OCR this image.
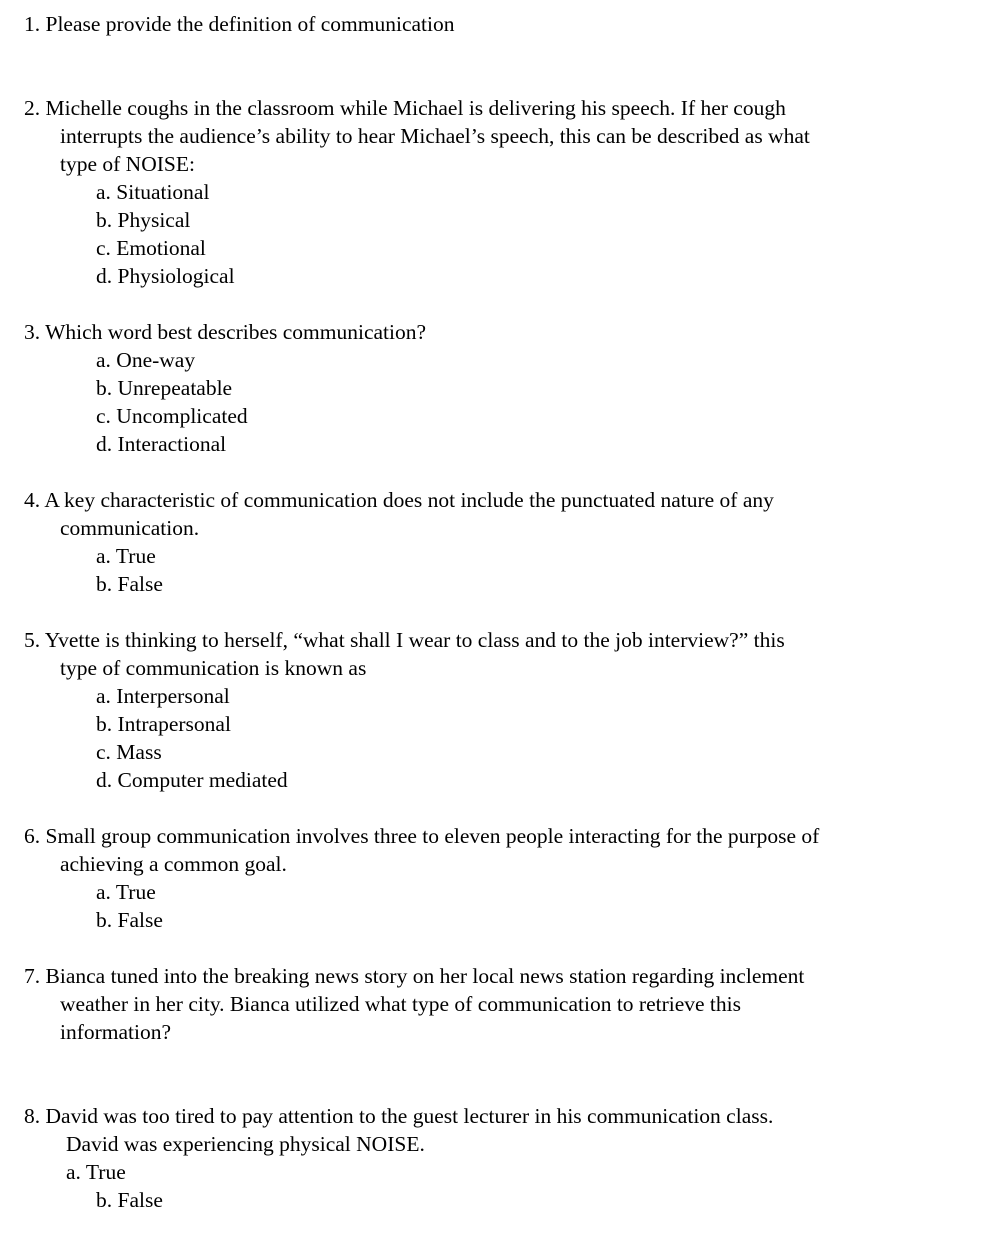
1. Please provide the definition of communication
2. Michelle coughs in the classroom while Michael is delivering his speech. If her cough
interrupts the audience’s ability to hear Michael’s speech, this can be described as what
type of NOISE:
a. Situational
b. Physical
c. Emotional
d. Physiological
3. Which word best describes communication?
a. One-way
b. Unrepeatable
c. Uncomplicated
d. Interactional
4. A key characteristic of communication does not include the punctuated nature of any
communication.
a. True
b. False
5. Yvette is thinking to herself, “what shall I wear to class and to the job interview?” this
type of communication is known as
a. Interpersonal
b. Intrapersonal
c. Mass
d. Computer mediated
6. Small group communication involves three to eleven people interacting for the purpose of
achieving a common goal.
a. True
b. False
7. Bianca tuned into the breaking news story on her local news station regarding inclement
weather in her city. Bianca utilized what type of communication to retrieve this
information?
8. David was too tired to pay attention to the guest lecturer in his communication class.
David was experiencing physical NOISE.
a. True
b. False
